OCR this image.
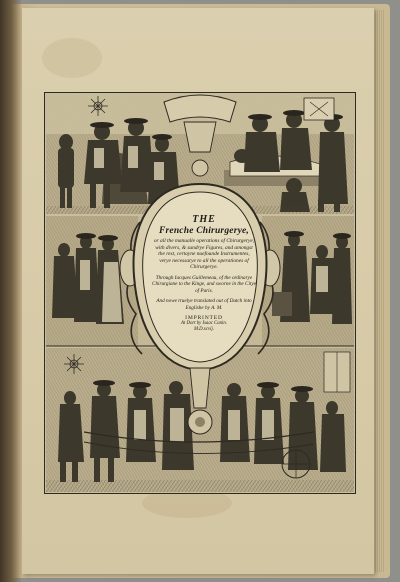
THE
Frenche Chirurgerye,
or all the manualle operations of Chirurgerye, with divers, & sundrye Figures, and amongst the rest, certayne nuefounde Instrumentes, verye necessarye to all the operationes of Chirurgerye.
Through Iacques Guillemeau, of the ordinarye Chirurgiane to the Kinge, and sworne in the Citye of Paris.
And nowe truelye translated out of Dutch into Englishe by A. M.
IMPRINTED
At Dort by Isaac Canin.
M.D.xcvij.
